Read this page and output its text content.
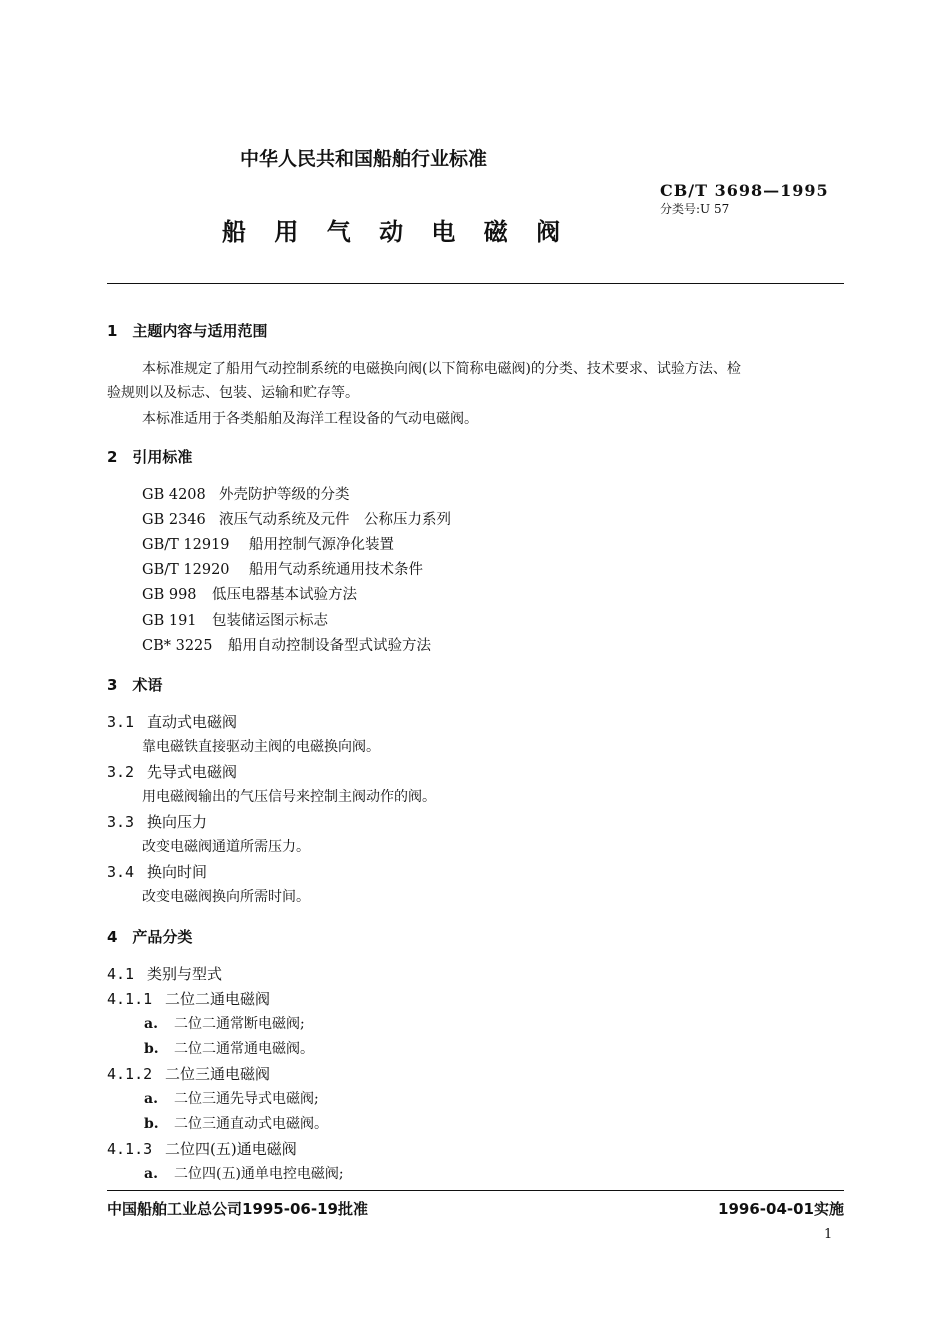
中华人民共和国船舶行业标准
船 用 气 动 电 磁 阀
CB/T 3698—1995
分类号:U 57
1　主题内容与适用范围
本标准规定了船用气动控制系统的电磁换向阀(以下简称电磁阀)的分类、技术要求、试验方法、检
验规则以及标志、包装、运输和贮存等。
本标准适用于各类船舶及海洋工程设备的气动电磁阀。
2　引用标准
GB 4208 外壳防护等级的分类
GB 2346 液压气动系统及元件　公称压力系列
GB/T 12919 船用控制气源净化装置
GB/T 12920 船用气动系统通用技术条件
GB 998 低压电器基本试验方法
GB 191 包装储运图示标志
CB* 3225 船用自动控制设备型式试验方法
3　术语
3.1 直动式电磁阀
靠电磁铁直接驱动主阀的电磁换向阀。
3.2 先导式电磁阀
用电磁阀输出的气压信号来控制主阀动作的阀。
3.3 换向压力
改变电磁阀通道所需压力。
3.4 换向时间
改变电磁阀换向所需时间。
4　产品分类
4.1 类别与型式
4.1.1 二位二通电磁阀
a. 二位二通常断电磁阀;
b. 二位二通常通电磁阀。
4.1.2 二位三通电磁阀
a. 二位三通先导式电磁阀;
b. 二位三通直动式电磁阀。
4.1.3 二位四(五)通电磁阀
a. 二位四(五)通单电控电磁阀;
中国船舶工业总公司1995-06-19批准	1996-04-01实施
1
